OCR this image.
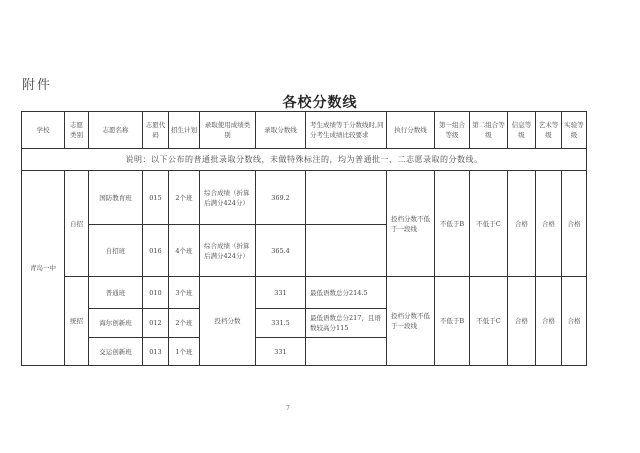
附件
各校分数线
学校	志愿类别	志愿名称	志愿代码	招生计划	录取使用成绩类别	录取分数线	考生成绩等于分数线时,同分考生成绩比较要求	执行分数线	第一组合等级	第二组合等级	信息等级	艺术等级	实验等级
说明：以下公布的普通批录取分数线，未做特殊标注的，均为普通批一、二志愿录取的分数线。													
青岛一中	自招	国防教育班	015	2个班	综合成绩（折算后满分424分）	369.2		投档分数不低于一段线	不低于B	不低于C	合格	合格	合格
		自招班	016	4个班	综合成绩（折算后满分424分）	365.4							
	统招	普通班	010	3个班	投档分数	331	最低语数总分214.5	投档分数不低于一段线	不低于B	不低于C	合格	合格	合格
		海尔创新班	012	2个班		331.5	最低语数总分217，且语数较高分115						
		交运创新班	013	1个班		331							
7
